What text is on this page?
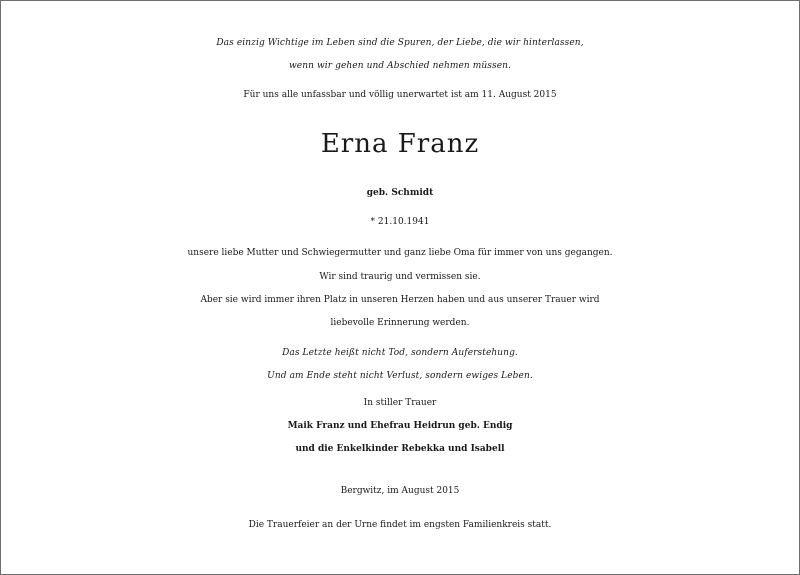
Das einzig Wichtige im Leben sind die Spuren, der Liebe, die wir hinterlassen,
wenn wir gehen und Abschied nehmen müssen.
Für uns alle unfassbar und völlig unerwartet ist am 11. August 2015
Erna Franz
geb. Schmidt
* 21.10.1941
unsere liebe Mutter und Schwiegermutter und ganz liebe Oma für immer von uns gegangen.
Wir sind traurig und vermissen sie.
Aber sie wird immer ihren Platz in unseren Herzen haben und aus unserer Trauer wird
liebevolle Erinnerung werden.
Das Letzte heißt nicht Tod, sondern Auferstehung.
Und am Ende steht nicht Verlust, sondern ewiges Leben.
In stiller Trauer
Maik Franz und Ehefrau Heidrun geb. Endig
und die Enkelkinder Rebekka und Isabell
Bergwitz, im August 2015
Die Trauerfeier an der Urne findet im engsten Familienkreis statt.
